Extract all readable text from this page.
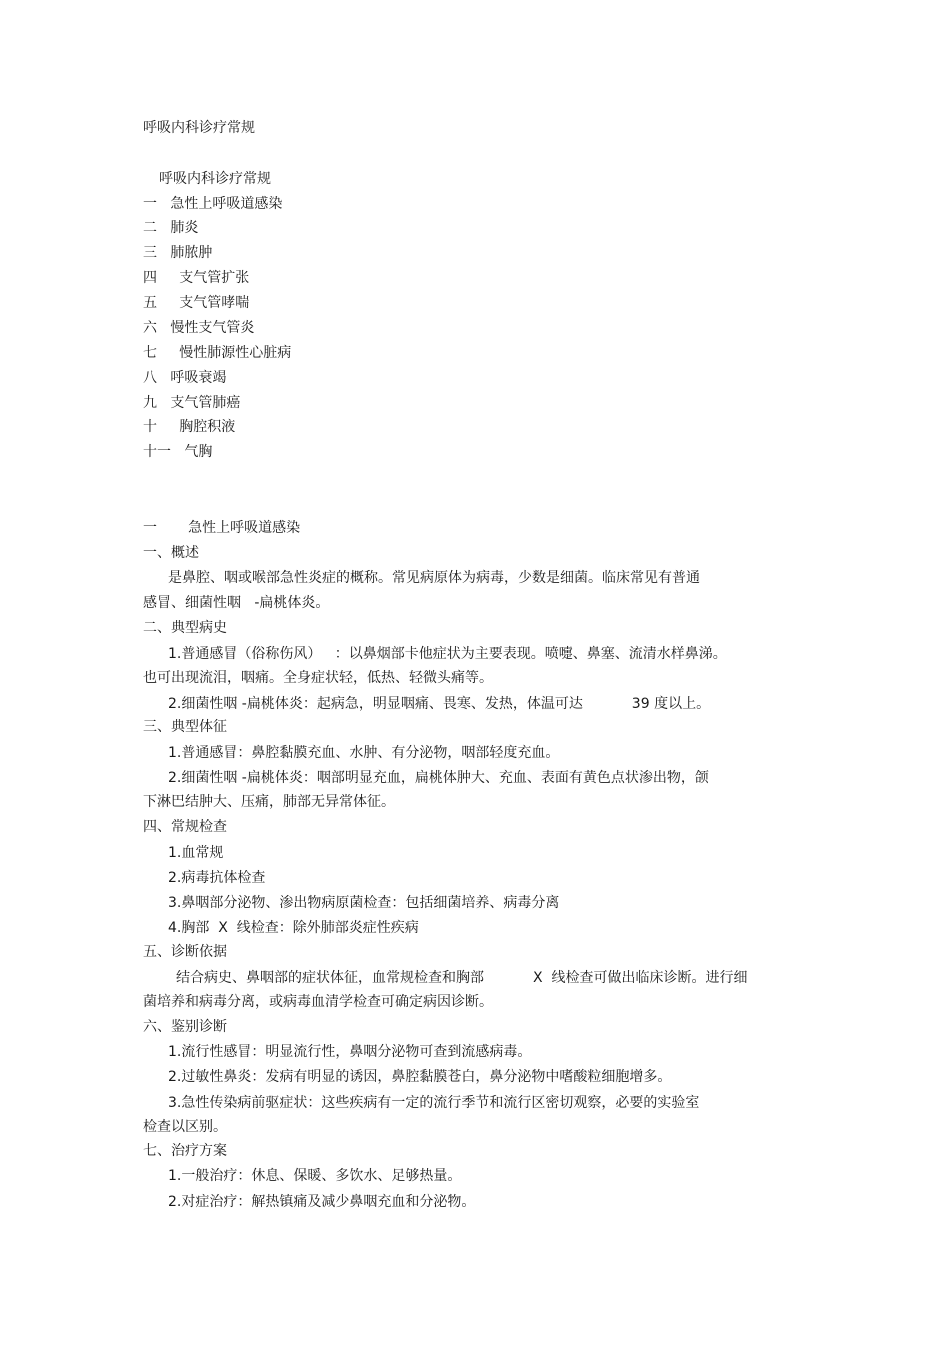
呼吸内科诊疗常规
呼吸内科诊疗常规
一   急性上呼吸道感染
二   肺炎
三   肺脓肿
四     支气管扩张
五     支气管哮喘
六   慢性支气管炎
七     慢性肺源性心脏病
八   呼吸衰竭
九   支气管肺癌
十     胸腔积液
十一   气胸
一       急性上呼吸道感染
一、概述
是鼻腔、咽或喉部急性炎症的概称。常见病原体为病毒，少数是细菌。临床常见有普通
感冒、细菌性咽   -扁桃体炎。
二、典型病史
1.普通感冒（俗称伤风）   ：以鼻烟部卡他症状为主要表现。喷嚏、鼻塞、流清水样鼻涕。
也可出现流泪，咽痛。全身症状轻，低热、轻微头痛等。
2.细菌性咽 -扁桃体炎：起病急，明显咽痛、畏寒、发热，体温可达           39 度以上。
三、典型体征
1.普通感冒：鼻腔黏膜充血、水肿、有分泌物，咽部轻度充血。
2.细菌性咽 -扁桃体炎：咽部明显充血，扁桃体肿大、充血、表面有黄色点状渗出物，颌
下淋巴结肿大、压痛，肺部无异常体征。
四、常规检查
1.血常规
2.病毒抗体检查
3.鼻咽部分泌物、渗出物病原菌检查：包括细菌培养、病毒分离
4.胸部  X  线检查：除外肺部炎症性疾病
五、诊断依据
结合病史、鼻咽部的症状体征，血常规检查和胸部           X  线检查可做出临床诊断。进行细
菌培养和病毒分离，或病毒血清学检查可确定病因诊断。
六、鉴别诊断
1.流行性感冒：明显流行性，鼻咽分泌物可查到流感病毒。
2.过敏性鼻炎：发病有明显的诱因，鼻腔黏膜苍白，鼻分泌物中嗜酸粒细胞增多。
3.急性传染病前驱症状：这些疾病有一定的流行季节和流行区密切观察，必要的实验室
检查以区别。
七、治疗方案
1.一般治疗：休息、保暖、多饮水、足够热量。
2.对症治疗：解热镇痛及减少鼻咽充血和分泌物。
